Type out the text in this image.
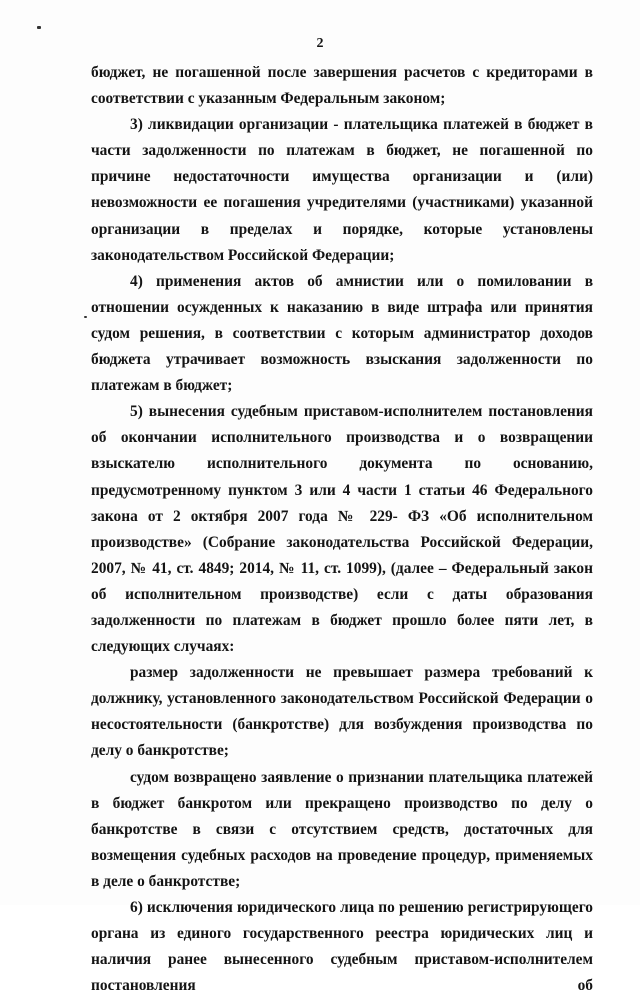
2

бюджет, не погашенной после завершения расчетов с кредиторами в соответствии с указанным Федеральным законом;

3) ликвидации организации - плательщика платежей в бюджет в части задолженности по платежам в бюджет, не погашенной по причине недостаточности имущества организации и (или) невозможности ее погашения учредителями (участниками) указанной организации в пределах и порядке, которые установлены законодательством Российской Федерации;

4) применения актов об амнистии или о помиловании в отношении осужденных к наказанию в виде штрафа или принятия судом решения, в соответствии с которым администратор доходов бюджета утрачивает возможность взыскания задолженности по платежам в бюджет;

5) вынесения судебным приставом-исполнителем постановления об окончании исполнительного производства и о возвращении взыскателю исполнительного документа по основанию, предусмотренному пунктом 3 или 4 части 1 статьи 46 Федерального закона от 2 октября 2007 года № 229- ФЗ «Об исполнительном производстве» (Собрание законодательства Российской Федерации, 2007, № 41, ст. 4849; 2014, № 11, ст. 1099), (далее – Федеральный закон об исполнительном производстве) если с даты образования задолженности по платежам в бюджет прошло более пяти лет, в следующих случаях:

размер задолженности не превышает размера требований к должнику, установленного законодательством Российской Федерации о несостоятельности (банкротстве) для возбуждения производства по делу о банкротстве;

судом возвращено заявление о признании плательщика платежей в бюджет банкротом или прекращено производство по делу о банкротстве в связи с отсутствием средств, достаточных для возмещения судебных расходов на проведение процедур, применяемых в деле о банкротстве;

6) исключения юридического лица по решению регистрирующего органа из единого государственного реестра юридических лиц и наличия ранее вынесенного судебным приставом-исполнителем постановления об
